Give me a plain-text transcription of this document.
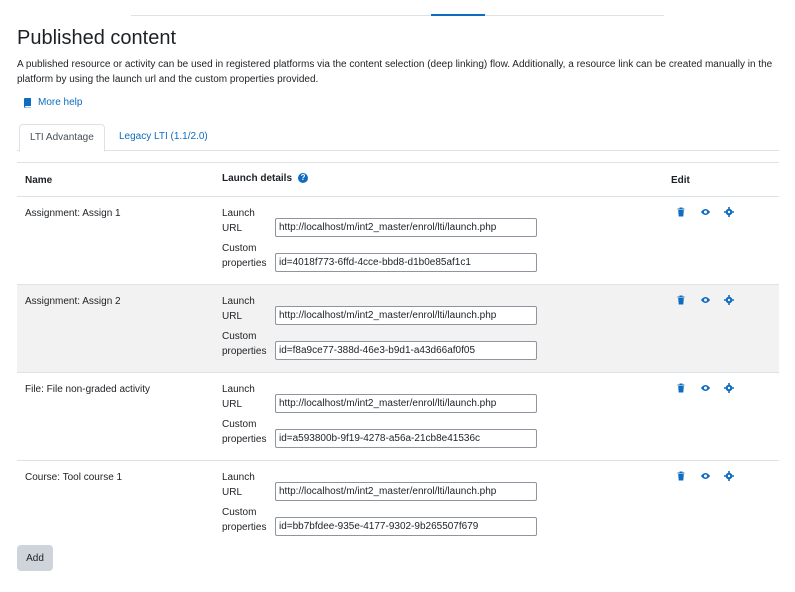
Published content

A published resource or activity can be used in registered platforms via the content selection (deep linking) flow. Additionally, a resource link can be created manually in the platform by using the launch url and the custom properties provided.

More help
LTI Advantage	Legacy LTI (1.1/2.0)
Name	Launch details ?	Edit
Assignment: Assign 1	Launch URL
http://localhost/m/int2_master/enrol/lti/launch.php
Custom properties
id=4018f773-6ffd-4cce-bbd8-d1b0e85af1c1
Assignment: Assign 2	Launch URL
http://localhost/m/int2_master/enrol/lti/launch.php
Custom properties
id=f8a9ce77-388d-46e3-b9d1-a43d66af0f05
File: File non-graded activity	Launch URL
http://localhost/m/int2_master/enrol/lti/launch.php
Custom properties
id=a593800b-9f19-4278-a56a-21cb8e41536c
Course: Tool course 1	Launch URL
http://localhost/m/int2_master/enrol/lti/launch.php
Custom properties
id=bb7bfdee-935e-4177-9302-9b265507f679
Add
